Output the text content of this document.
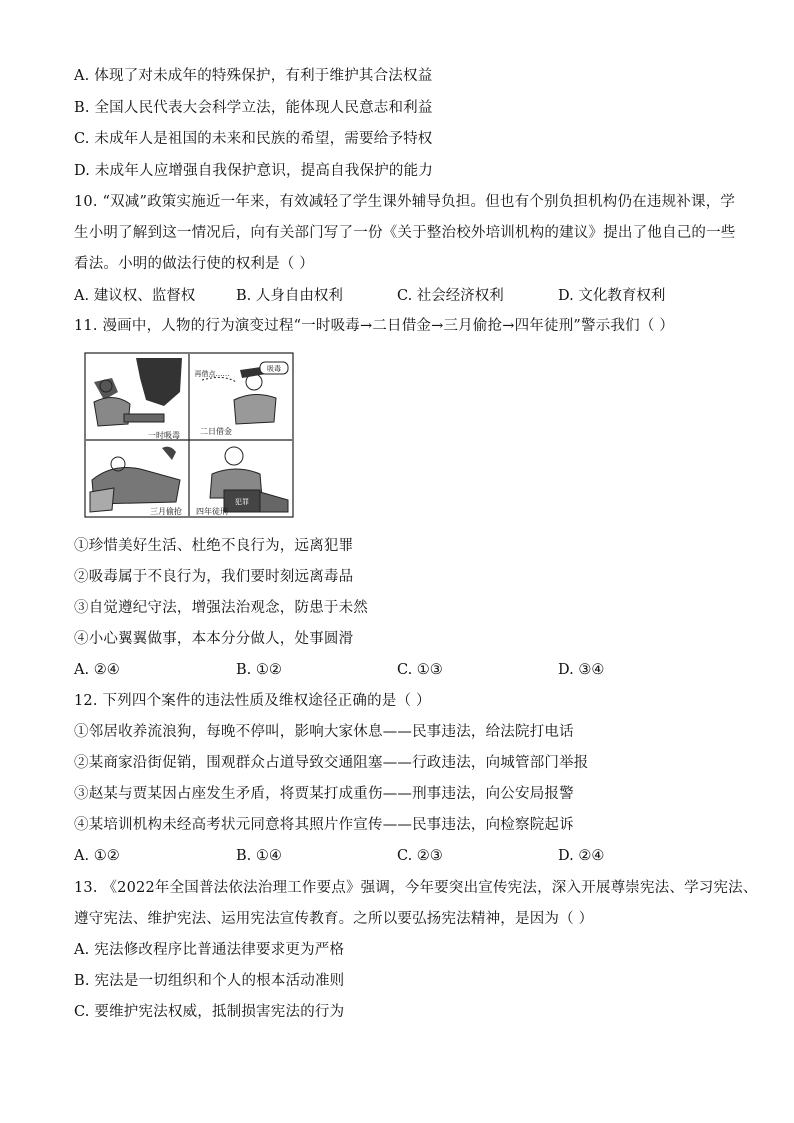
A. 体现了对未成年的特殊保护，有利于维护其合法权益
B. 全国人民代表大会科学立法，能体现人民意志和利益
C. 未成年人是祖国的未来和民族的希望，需要给予特权
D. 未成年人应增强自我保护意识，提高自我保护的能力
10. “双减”政策实施近一年来，有效减轻了学生课外辅导负担。但也有个别负担机构仍在违规补课，学
生小明了解到这一情况后，向有关部门写了一份《关于整治校外培训机构的建议》提出了他自己的一些
看法。小明的做法行使的权利是（ ）
A. 建议权、监督权	B. 人身自由权利	C. 社会经济权利	D. 文化教育权利
11. 漫画中，人物的行为演变过程“一时吸毒→二日借金→三月偷抢→四年徒刑”警示我们（ ）
一时吸毒	二日借金
三月偷抢 四年徒刑
吸毒
再借点……
犯罪
①珍惜美好生活、杜绝不良行为，远离犯罪
②吸毒属于不良行为，我们要时刻远离毒品
③自觉遵纪守法，增强法治观念，防患于未然
④小心翼翼做事，本本分分做人，处事圆滑
A. ②④	B. ①②	C. ①③	D. ③④
12. 下列四个案件的违法性质及维权途径正确的是（ ）
①邻居收养流浪狗，每晚不停叫，影响大家休息——民事违法，给法院打电话
②某商家沿街促销，围观群众占道导致交通阻塞——行政违法，向城管部门举报
③赵某与贾某因占座发生矛盾，将贾某打成重伤——刑事违法，向公安局报警
④某培训机构未经高考状元同意将其照片作宣传——民事违法，向检察院起诉
A. ①②	B. ①④	C. ②③	D. ②④
13. 《2022年全国普法依法治理工作要点》强调，今年要突出宣传宪法，深入开展尊崇宪法、学习宪法、
遵守宪法、维护宪法、运用宪法宣传教育。之所以要弘扬宪法精神，是因为（ ）
A. 宪法修改程序比普通法律要求更为严格
B. 宪法是一切组织和个人的根本活动准则
C. 要维护宪法权威，抵制损害宪法的行为
